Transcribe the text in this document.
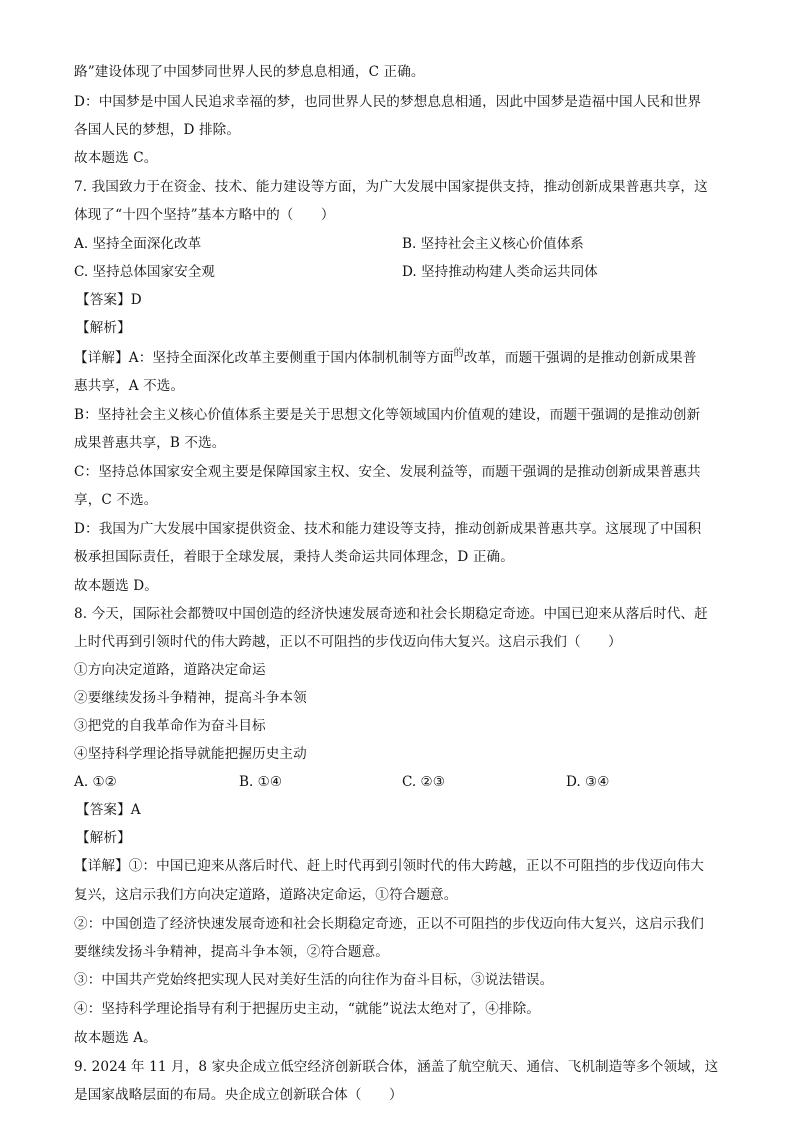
路”建设体现了中国梦同世界人民的梦息息相通，C 正确。
D：中国梦是中国人民追求幸福的梦，也同世界人民的梦想息息相通，因此中国梦是造福中国人民和世界
各国人民的梦想，D 排除。
故本题选 C。
7. 我国致力于在资金、技术、能力建设等方面，为广大发展中国家提供支持，推动创新成果普惠共享，这
体现了“十四个坚持”基本方略中的（　　）
A. 坚持全面深化改革	B. 坚持社会主义核心价值体系
C. 坚持总体国家安全观	D. 坚持推动构建人类命运共同体
【答案】D
【解析】
【详解】A：坚持全面深化改革主要侧重于国内体制机制等方面$^的$改革，而题干强调的是推动创新成果普
惠共享，A 不选。
B：坚持社会主义核心价值体系主要是关于思想文化等领域国内价值观的建设，而题干强调的是推动创新
成果普惠共享，B 不选。
C：坚持总体国家安全观主要是保障国家主权、安全、发展利益等，而题干强调的是推动创新成果普惠共
享，C 不选。
D：我国为广大发展中国家提供资金、技术和能力建设等支持，推动创新成果普惠共享。这展现了中国积
极承担国际责任，着眼于全球发展，秉持人类命运共同体理念，D 正确。
故本题选 D。
8. 今天，国际社会都赞叹中国创造的经济快速发展奇迹和社会长期稳定奇迹。中国已迎来从落后时代、赶
上时代再到引领时代的伟大跨越，正以不可阻挡的步伐迈向伟大复兴。这启示我们（　　）
①方向决定道路，道路决定命运
②要继续发扬斗争精神，提高斗争本领
③把党的自我革命作为奋斗目标
④坚持科学理论指导就能把握历史主动
A. ①②	B. ①④	C. ②③	D. ③④
【答案】A
【解析】
【详解】①：中国已迎来从落后时代、赶上时代再到引领时代的伟大跨越，正以不可阻挡的步伐迈向伟大
复兴，这启示我们方向决定道路，道路决定命运，①符合题意。
②：中国创造了经济快速发展奇迹和社会长期稳定奇迹，正以不可阻挡的步伐迈向伟大复兴，这启示我们
要继续发扬斗争精神，提高斗争本领，②符合题意。
③：中国共产党始终把实现人民对美好生活的向往作为奋斗目标，③说法错误。
④：坚持科学理论指导有利于把握历史主动，“就能”说法太绝对了，④排除。
故本题选 A。
9. 2024 年 11 月，8 家央企成立低空经济创新联合体，涵盖了航空航天、通信、飞机制造等多个领域，这
是国家战略层面的布局。央企成立创新联合体（　　）
